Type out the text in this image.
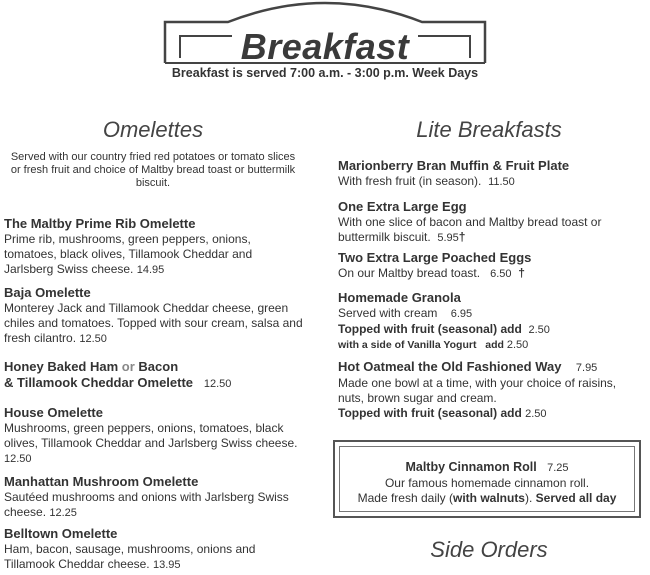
Breakfast
Breakfast is served 7:00 a.m. - 3:00 p.m. Week Days
Omelettes
Served with our country fried red potatoes or tomato slices or fresh fruit and choice of Maltby bread toast or buttermilk biscuit.
The Maltby Prime Rib Omelette
Prime rib, mushrooms, green peppers, onions, tomatoes, black olives, Tillamook Cheddar and Jarlsberg Swiss cheese. 14.95
Baja Omelette
Monterey Jack and Tillamook Cheddar cheese, green chiles and tomatoes. Topped with sour cream, salsa and fresh cilantro. 12.50
Honey Baked Ham or Bacon
& Tillamook Cheddar Omelette 12.50
House Omelette
Mushrooms, green peppers, onions, tomatoes, black olives, Tillamook Cheddar and Jarlsberg Swiss cheese. 12.50
Manhattan Mushroom Omelette
Sautéed mushrooms and onions with Jarlsberg Swiss cheese. 12.25
Belltown Omelette
Ham, bacon, sausage, mushrooms, onions and Tillamook Cheddar cheese. 13.95
Lite Breakfasts
Marionberry Bran Muffin & Fruit Plate
With fresh fruit (in season). 11.50
One Extra Large Egg
With one slice of bacon and Maltby bread toast or
buttermilk biscuit. 5.95†
Two Extra Large Poached Eggs
On our Maltby bread toast. 6.50 †
Homemade Granola
Served with cream 6.95
Topped with fruit (seasonal) add 2.50
with a side of Vanilla Yogurt add 2.50
Hot Oatmeal the Old Fashioned Way 7.95
Made one bowl at a time, with your choice of raisins, nuts, brown sugar and cream.
Topped with fruit (seasonal) add 2.50
Maltby Cinnamon Roll 7.25
Our famous homemade cinnamon roll.
Made fresh daily (with walnuts). Served all day
Side Orders
